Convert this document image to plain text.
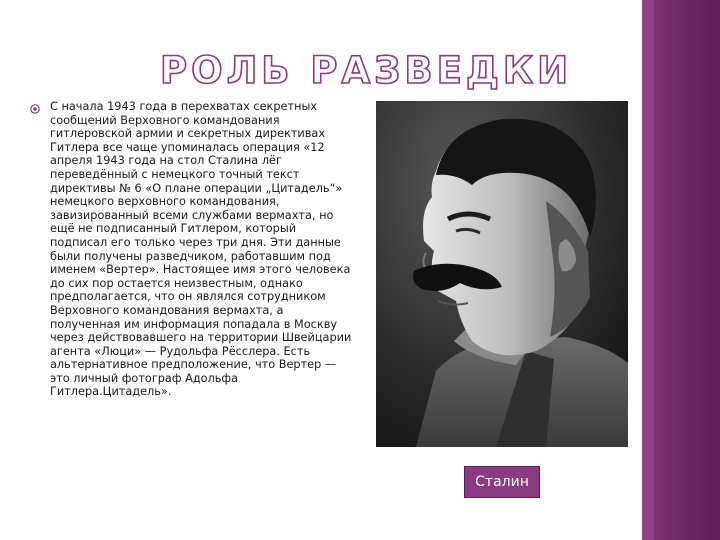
РОЛЬ РАЗВЕДКИ

С начала 1943 года в перехватах секретных сообщений Верховного командования гитлеровской армии и секретных директивах Гитлера все чаще упоминалась операция «12 апреля 1943 года на стол Сталина лёг переведённый с немецкого точный текст директивы № 6 «О плане операции „Цитадель“» немецкого верховного командования, завизированный всеми службами вермахта, но ещё не подписанный Гитлером, который подписал его только через три дня. Эти данные были получены разведчиком, работавшим под именем «Вертер». Настоящее имя этого человека до сих пор остается неизвестным, однако предполагается, что он являлся сотрудником Верховного командования вермахта, а полученная им информация попадала в Москву через действовавшего на территории Швейцарии агента «Люци» — Рудольфа Рёсслера. Есть альтернативное предположение, что Вертер — это личный фотограф Адольфа Гитлера.Цитадель».

Сталин
